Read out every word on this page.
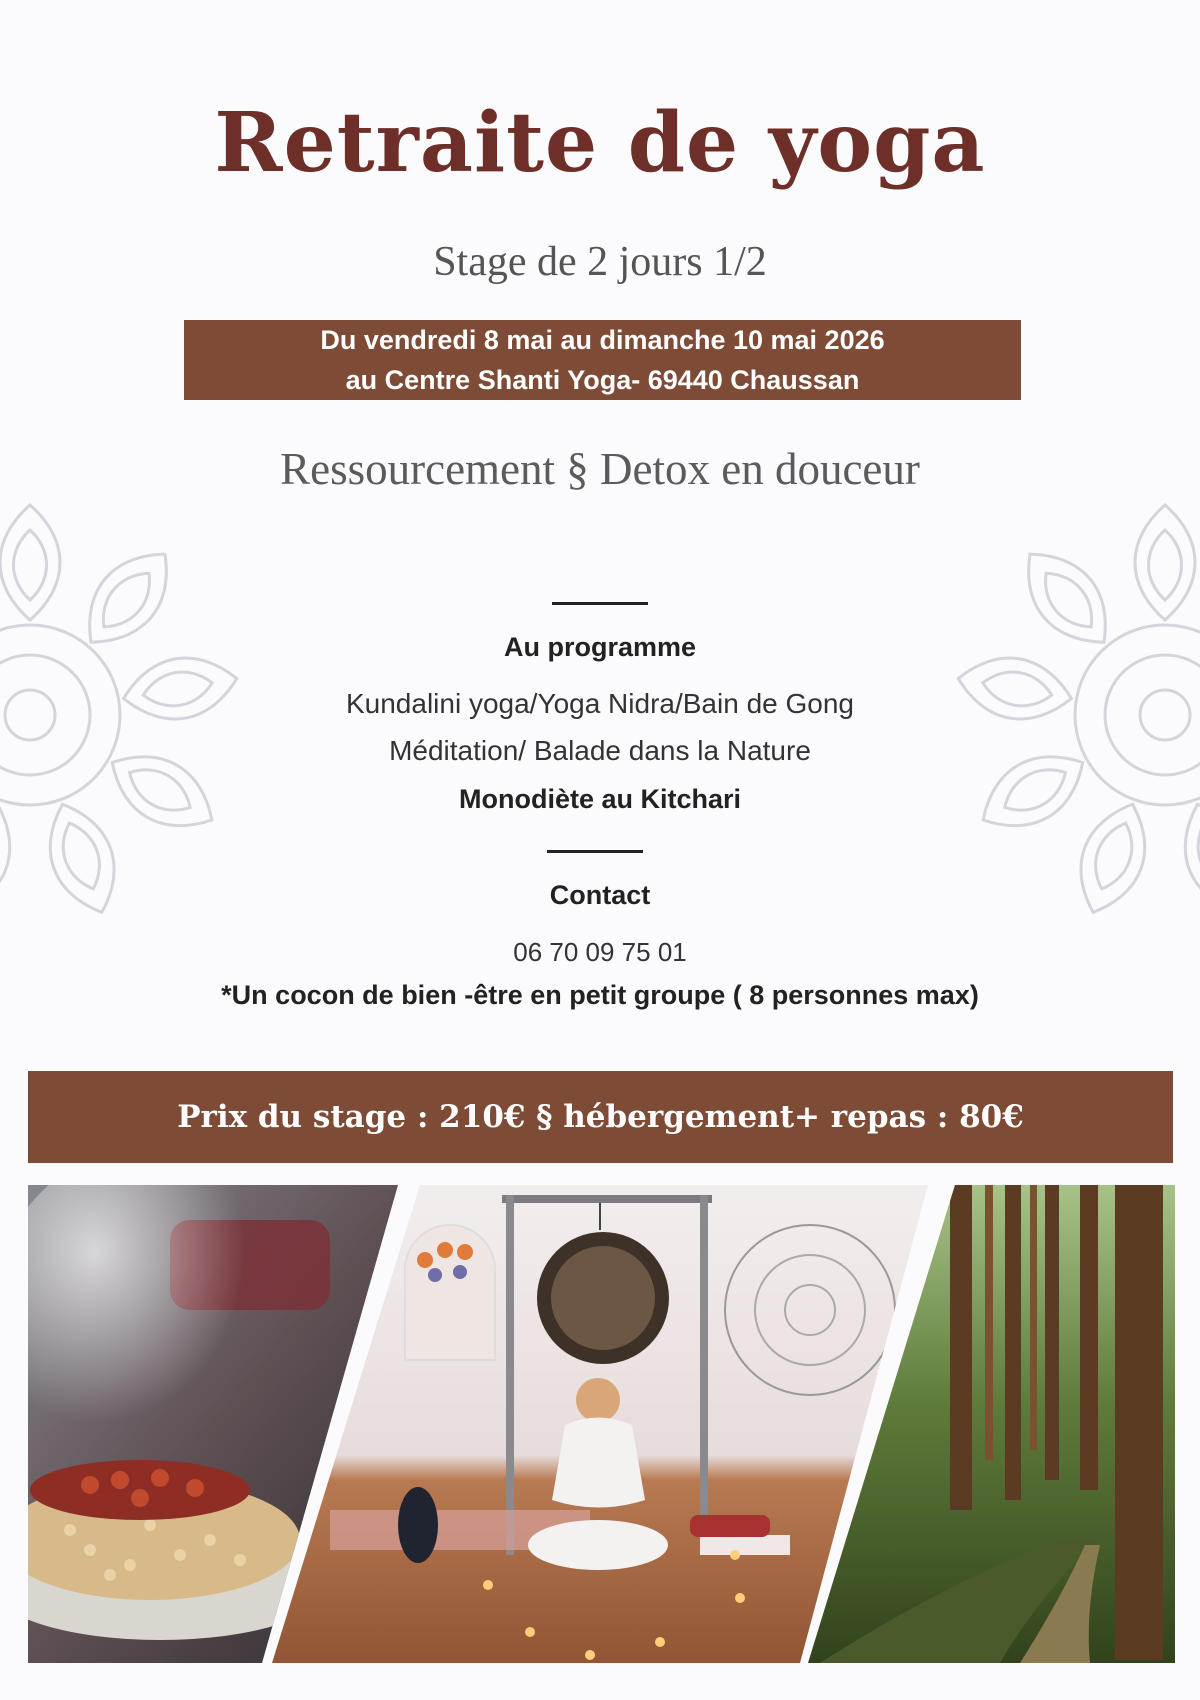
Retraite de yoga
Stage de 2 jours 1/2
Du vendredi 8 mai au dimanche 10 mai 2026
au Centre Shanti Yoga- 69440 Chaussan
Ressourcement § Detox en douceur
Au programme
Kundalini yoga/Yoga Nidra/Bain de Gong
Méditation/ Balade dans la Nature
Monodiète au Kitchari
Contact
06 70 09 75 01
*Un cocon de bien -être en petit groupe ( 8 personnes max)
Prix du stage : 210€ § hébergement+ repas : 80€
